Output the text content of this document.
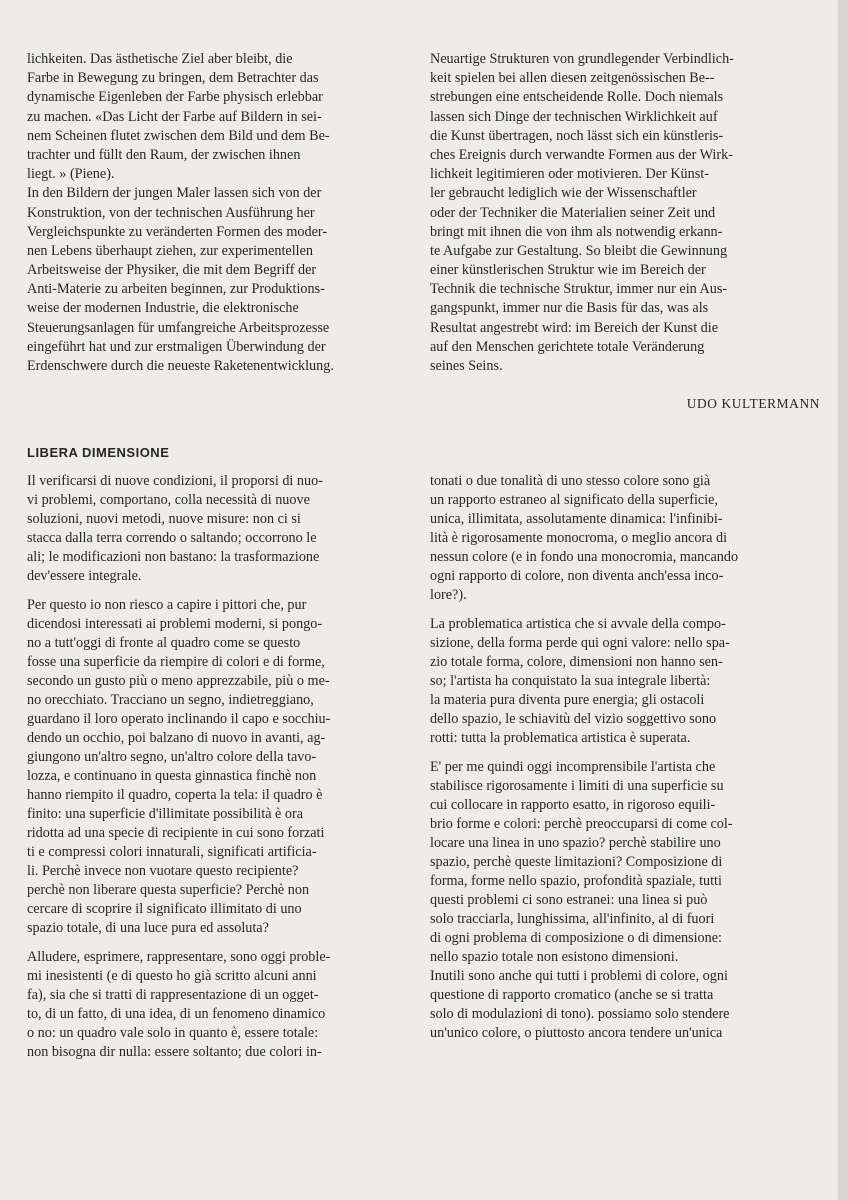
lichkeiten. Das ästhetische Ziel aber bleibt, die
Farbe in Bewegung zu bringen, dem Betrachter das
dynamische Eigenleben der Farbe physisch erlebbar
zu machen. «Das Licht der Farbe auf Bildern in sei-
nem Scheinen flutet zwischen dem Bild und dem Be-
trachter und füllt den Raum, der zwischen ihnen
liegt. » (Piene).
In den Bildern der jungen Maler lassen sich von der
Konstruktion, von der technischen Ausführung her
Vergleichspunkte zu veränderten Formen des moder-
nen Lebens überhaupt ziehen, zur experimentellen
Arbeitsweise der Physiker, die mit dem Begriff der
Anti-Materie zu arbeiten beginnen, zur Produktions-
weise der modernen Industrie, die elektronische
Steuerungsanlagen für umfangreiche Arbeitsprozesse
eingeführt hat und zur erstmaligen Überwindung der
Erdenschwere durch die neueste Raketenentwicklung.
Neuartige Strukturen von grundlegender Verbindlich-
keit spielen bei allen diesen zeitgenössischen Be--
strebungen eine entscheidende Rolle. Doch niemals
lassen sich Dinge der technischen Wirklichkeit auf
die Kunst übertragen, noch lässt sich ein künstleris-
ches Ereignis durch verwandte Formen aus der Wirk-
lichkeit legitimieren oder motivieren. Der Künst-
ler gebraucht lediglich wie der Wissenschaftler
oder der Techniker die Materialien seiner Zeit und
bringt mit ihnen die von ihm als notwendig erkann-
te Aufgabe zur Gestaltung. So bleibt die Gewinnung
einer künstlerischen Struktur wie im Bereich der
Technik die technische Struktur, immer nur ein Aus-
gangspunkt, immer nur die Basis für das, was als
Resultat angestrebt wird: im Bereich der Kunst die
auf den Menschen gerichtete totale Veränderung
seines Seins.
UDO KULTERMANN
LIBERA DIMENSIONE
Il verificarsi di nuove condizioni, il proporsi di nuo-
vi problemi, comportano, colla necessità di nuove
soluzioni, nuovi metodi, nuove misure: non ci si
stacca dalla terra correndo o saltando; occorrono le
ali; le modificazioni non bastano: la trasformazione
dev'essere integrale.
Per questo io non riesco a capire i pittori che, pur
dicendosi interessati ai problemi moderni, si pongo-
no a tutt'oggi di fronte al quadro come se questo
fosse una superficie da riempire di colori e di forme,
secondo un gusto più o meno apprezzabile, più o me-
no orecchiato. Tracciano un segno, indietreggiano,
guardano il loro operato inclinando il capo e socchiu-
dendo un occhio, poi balzano di nuovo in avanti, ag-
giungono un'altro segno, un'altro colore della tavo-
lozza, e continuano in questa ginnastica finchè non
hanno riempito il quadro, coperta la tela: il quadro è
finito: una superficie d'illimitate possibilità è ora
ridotta ad una specie di recipiente in cui sono forzati
ti e compressi colori innaturali, significati artificia-
li. Perchè invece non vuotare questo recipiente?
perchè non liberare questa superficie? Perchè non
cercare di scoprire il significato illimitato di uno
spazio totale, di una luce pura ed assoluta?
Alludere, esprimere, rappresentare, sono oggi proble-
mi inesistenti (e di questo ho già scritto alcuni anni
fa), sia che si tratti di rappresentazione di un ogget-
to, di un fatto, di una idea, di un fenomeno dinamico
o no: un quadro vale solo in quanto è, essere totale:
non bisogna dir nulla: essere soltanto; due colori in-
tonati o due tonalità di uno stesso colore sono già
un rapporto estraneo al significato della superficie,
unica, illimitata, assolutamente dinamica: l'infinibi-
lità è rigorosamente monocroma, o meglio ancora di
nessun colore (e in fondo una monocromia, mancando
ogni rapporto di colore, non diventa anch'essa inco-
lore?).
La problematica artistica che si avvale della compo-
sizione, della forma perde qui ogni valore: nello spa-
zio totale forma, colore, dimensioni non hanno sen-
so; l'artista ha conquistato la sua integrale libertà:
la materia pura diventa pure energia; gli ostacoli
dello spazio, le schiavitù del vizio soggettivo sono
rotti: tutta la problematica artistica è superata.
E' per me quindi oggi incomprensibile l'artista che
stabilisce rigorosamente i limiti di una superficie su
cui collocare in rapporto esatto, in rigoroso equili-
brio forme e colori: perchè preoccuparsi di come col-
locare una linea in uno spazio? perchè stabilire uno
spazio, perchè queste limitazioni? Composizione di
forma, forme nello spazio, profondità spaziale, tutti
questi problemi ci sono estranei: una linea si può
solo tracciarla, lunghissima, all'infinito, al di fuori
di ogni problema di composizione o di dimensione:
nello spazio totale non esistono dimensioni.
Inutili sono anche qui tutti i problemi di colore, ogni
questione di rapporto cromatico (anche se si tratta
solo di modulazioni di tono). possiamo solo stendere
un'unico colore, o piuttosto ancora tendere un'unica
